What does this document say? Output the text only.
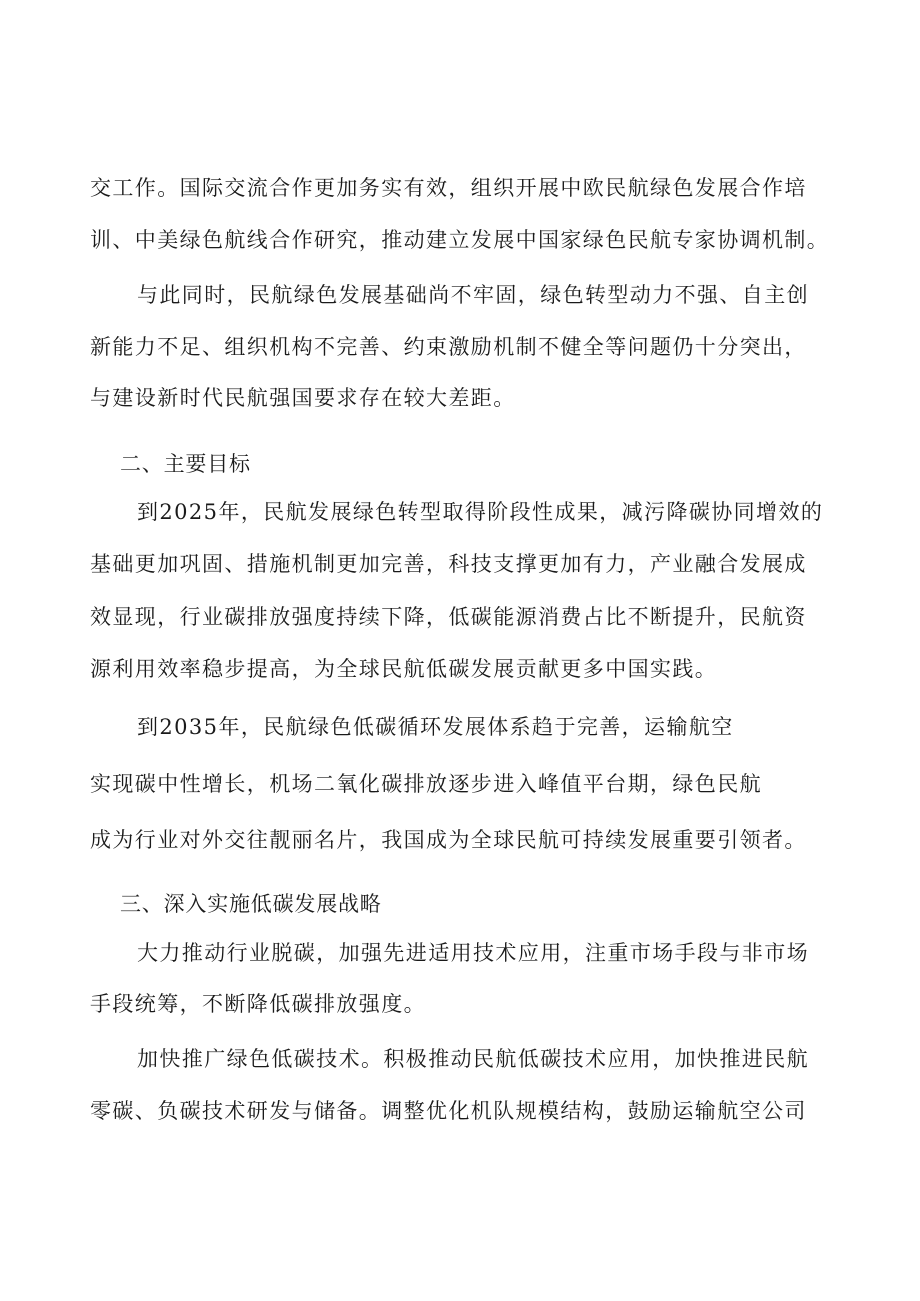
交工作。国际交流合作更加务实有效，组织开展中欧民航绿色发展合作培
训、中美绿色航线合作研究，推动建立发展中国家绿色民航专家协调机制。
与此同时，民航绿色发展基础尚不牢固，绿色转型动力不强、自主创
新能力不足、组织机构不完善、约束激励机制不健全等问题仍十分突出，
与建设新时代民航强国要求存在较大差距。
二、主要目标
到2025年，民航发展绿色转型取得阶段性成果，减污降碳协同增效的
基础更加巩固、措施机制更加完善，科技支撑更加有力，产业融合发展成
效显现，行业碳排放强度持续下降，低碳能源消费占比不断提升，民航资
源利用效率稳步提高，为全球民航低碳发展贡献更多中国实践。
到2035年，民航绿色低碳循环发展体系趋于完善，运输航空
实现碳中性增长，机场二氧化碳排放逐步进入峰值平台期，绿色民航
成为行业对外交往靓丽名片，我国成为全球民航可持续发展重要引领者。
三、深入实施低碳发展战略
大力推动行业脱碳，加强先进适用技术应用，注重市场手段与非市场
手段统筹，不断降低碳排放强度。
加快推广绿色低碳技术。积极推动民航低碳技术应用，加快推进民航
零碳、负碳技术研发与储备。调整优化机队规模结构，鼓励运输航空公司
